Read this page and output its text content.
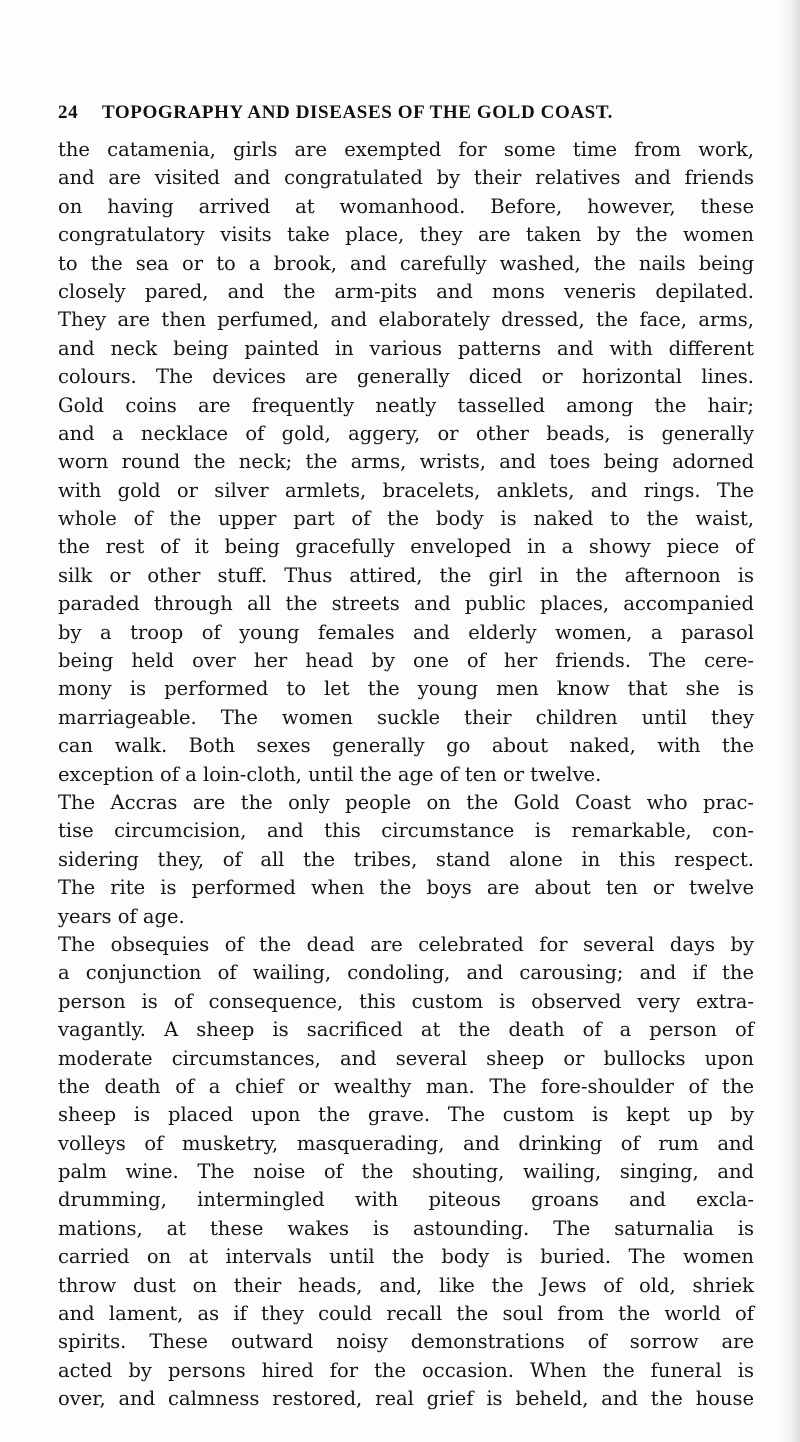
24 TOPOGRAPHY AND DISEASES OF THE GOLD COAST.
the catamenia, girls are exempted for some time from work,
and are visited and congratulated by their relatives and friends
on having arrived at womanhood. Before, however, these
congratulatory visits take place, they are taken by the women
to the sea or to a brook, and carefully washed, the nails being
closely pared, and the arm-pits and mons veneris depilated.
They are then perfumed, and elaborately dressed, the face, arms,
and neck being painted in various patterns and with different
colours. The devices are generally diced or horizontal lines.
Gold coins are frequently neatly tasselled among the hair;
and a necklace of gold, aggery, or other beads, is generally
worn round the neck; the arms, wrists, and toes being adorned
with gold or silver armlets, bracelets, anklets, and rings. The
whole of the upper part of the body is naked to the waist,
the rest of it being gracefully enveloped in a showy piece of
silk or other stuff. Thus attired, the girl in the afternoon is
paraded through all the streets and public places, accompanied
by a troop of young females and elderly women, a parasol
being held over her head by one of her friends. The cere-
mony is performed to let the young men know that she is
marriageable. The women suckle their children until they
can walk. Both sexes generally go about naked, with the
exception of a loin-cloth, until the age of ten or twelve.
The Accras are the only people on the Gold Coast who prac-
tise circumcision, and this circumstance is remarkable, con-
sidering they, of all the tribes, stand alone in this respect.
The rite is performed when the boys are about ten or twelve
years of age.
The obsequies of the dead are celebrated for several days by
a conjunction of wailing, condoling, and carousing; and if the
person is of consequence, this custom is observed very extra-
vagantly. A sheep is sacrificed at the death of a person of
moderate circumstances, and several sheep or bullocks upon
the death of a chief or wealthy man. The fore-shoulder of the
sheep is placed upon the grave. The custom is kept up by
volleys of musketry, masquerading, and drinking of rum and
palm wine. The noise of the shouting, wailing, singing, and
drumming, intermingled with piteous groans and excla-
mations, at these wakes is astounding. The saturnalia is
carried on at intervals until the body is buried. The women
throw dust on their heads, and, like the Jews of old, shriek
and lament, as if they could recall the soul from the world of
spirits. These outward noisy demonstrations of sorrow are
acted by persons hired for the occasion. When the funeral is
over, and calmness restored, real grief is beheld, and the house
